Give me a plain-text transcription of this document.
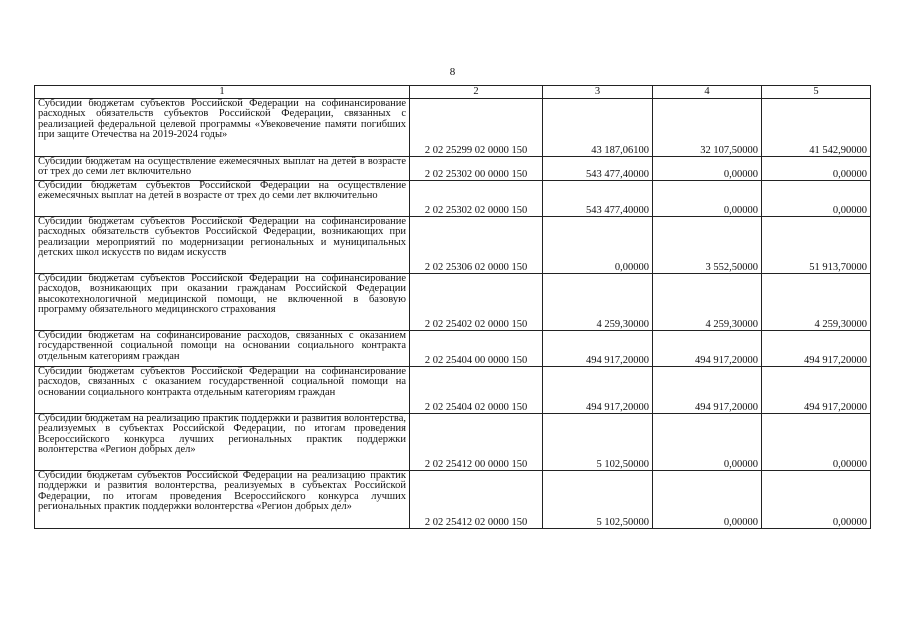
8
1	2	3	4	5
Субсидии бюджетам субъектов Российской Федерации на софинансирование расходных обязательств субъектов Российской Федерации, связанных с реализацией федеральной целевой программы «Увековечение памяти погибших при защите Отечества на 2019-2024 годы»	2 02 25299 02 0000 150	43 187,06100	32 107,50000	41 542,90000
Субсидии бюджетам на осуществление ежемесячных выплат на детей в возрасте от трех до семи лет включительно	2 02 25302 00 0000 150	543 477,40000	0,00000	0,00000
Субсидии бюджетам субъектов Российской Федерации на осуществление ежемесячных выплат на детей в возрасте от трех до семи лет включительно	2 02 25302 02 0000 150	543 477,40000	0,00000	0,00000
Субсидии бюджетам субъектов Российской Федерации на софинансирование расходных обязательств субъектов Российской Федерации, возникающих при реализации мероприятий по модернизации региональных и муниципальных детских школ искусств по видам искусств	2 02 25306 02 0000 150	0,00000	3 552,50000	51 913,70000
Субсидии бюджетам субъектов Российской Федерации на софинансирование расходов, возникающих при оказании гражданам Российской Федерации высокотехнологичной медицинской помощи, не включенной в базовую программу обязательного медицинского страхования	2 02 25402 02 0000 150	4 259,30000	4 259,30000	4 259,30000
Субсидии бюджетам на софинансирование расходов, связанных с оказанием государственной социальной помощи на основании социального контракта отдельным категориям граждан	2 02 25404 00 0000 150	494 917,20000	494 917,20000	494 917,20000
Субсидии бюджетам субъектов Российской Федерации на софинансирование расходов, связанных с оказанием государственной социальной помощи на основании социального контракта отдельным категориям граждан	2 02 25404 02 0000 150	494 917,20000	494 917,20000	494 917,20000
Субсидии бюджетам на реализацию практик поддержки и развития волонтерства, реализуемых в субъектах Российской Федерации, по итогам проведения Всероссийского конкурса лучших региональных практик поддержки волонтерства «Регион добрых дел»	2 02 25412 00 0000 150	5 102,50000	0,00000	0,00000
Субсидии бюджетам субъектов Российской Федерации на реализацию практик поддержки и развития волонтерства, реализуемых в субъектах Российской Федерации, по итогам проведения Всероссийского конкурса лучших региональных практик поддержки волонтерства «Регион добрых дел»	2 02 25412 02 0000 150	5 102,50000	0,00000	0,00000
